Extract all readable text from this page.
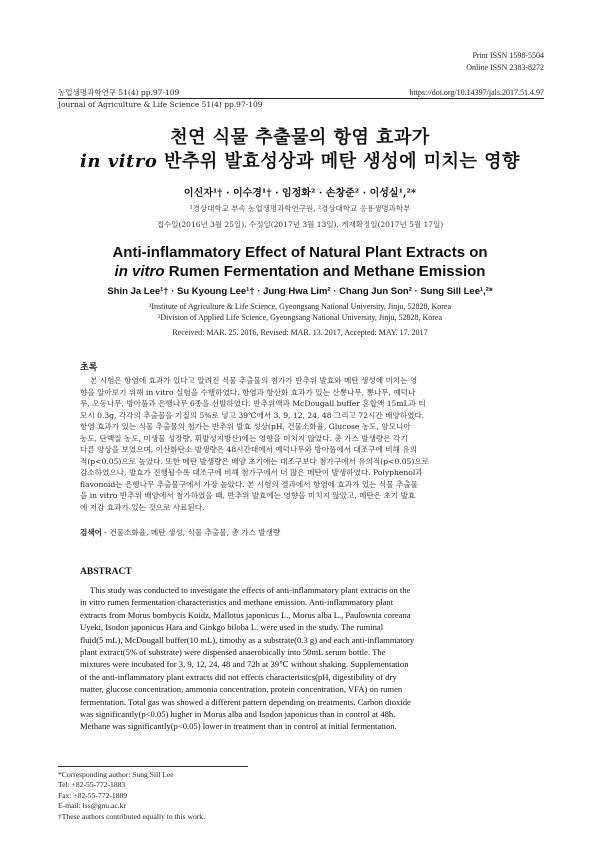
Print ISSN 1598-5504
Online ISSN 2383-8272
농업생명과학연구 51(4) pp.97-109	https://doi.org/10.14397/jals.2017.51.4.97
Journal of Agriculture & Life Science 51(4) pp.97-109
천연 식물 추출물의 항염 효과가
in vitro 반추위 발효성상과 메탄 생성에 미치는 영향
이신자¹† · 이수경¹† · 임정화² · 손창준² · 이성실¹,²*
¹경상대학교 부속 농업생명과학연구원, ²경상대학교 응용생명과학부
접수일(2016년 3월 25일), 수정일(2017년 3월 13일), 게재확정일(2017년 5월 17일)
Anti-inflammatory Effect of Natural Plant Extracts on
in vitro Rumen Fermentation and Methane Emission
Shin Ja Lee¹† · Su Kyoung Lee¹† · Jung Hwa Lim² · Chang Jun Son² · Sung Sill Lee¹,²*
¹Institute of Agriculture & Life Science, Gyeongsang National University, Jinju, 52828, Korea
²Division of Applied Life Science, Gyeongsang National University, Jinju, 52828, Korea
Received: MAR. 25. 2016, Revised: MAR. 13. 2017, Accepted: MAY. 17. 2017
초록
본 시험은 항염에 효과가 있다고 알려진 식물 추출물의 첨가가 반추위 발효와 메탄 생성에 미치는 영
향을 알아보기 위해 in vitro 실험을 수행하였다. 항염과 항산화 효과가 있는 산뽕나무, 뽕나무, 예덕나
무, 오동나무, 방아풀과 은행나무 6종을 선발하였다. 반추위액과 McDougall buffer 혼합액 15mL과 티
모시 0.3g, 각각의 추출물을 기질의 5%로 넣고 39℃에서 3, 9, 12, 24, 48 그리고 72시간 배양하였다.
항염 효과가 있는 식물 추출물의 첨가는 반추위 발효 성상(pH, 건물소화율, Glucose 농도, 암모니아
농도, 단백질 농도, 미생물 성장량, 휘발성지방산)에는 영향을 미치지 않았다. 총 가스 발생량은 각기
다른 양상을 보였으며, 이산화탄소 발생량은 48시간대에서 예덕나무와 방아풀에서 대조구에 비해 유의
적(p<0.05)으로 높았다. 또한 메탄 발생량은 배양 초기에는 대조구보다 첨가구에서 유의적(p<0.05)으로
감소하였으나, 발효가 진행될수록 대조구에 비해 첨가구에서 더 많은 메탄이 발생하였다. Polyphenol과
flavonoid는 은행나무 추출물구에서 가장 높았다. 본 시험의 결과에서 항염에 효과가 있는 식물 추출물
을 in vitro 반추위 배양에서 첨가하였을 때, 반추위 발효에는 영향을 미치지 않았고, 메탄은 초기 발효
에 저감 효과가 있는 것으로 사료된다.
검색어 - 건물소화율, 메탄 생성, 식물 추출물, 총 가스 발생량
ABSTRACT
This study was conducted to investigate the effects of anti-inflammatory plant extracts on the
in vitro rumen fermentation characteristics and methane emission. Anti-inflammatory plant
extracts from Morus bombycis Koidz, Mallotus japonicus L., Morus alba L., Paulownia coreana
Uyeki, Isodon japonicus Hara and Ginkgo biloba L. were used in the study. The ruminal
fluid(5 mL), McDougall buffer(10 mL), timothy as a substrate(0.3 g) and each anti-inflammatory
plant extract(5% of substrate) were dispensed anaerobically into 50mL serum bottle. The
mixtures were incubated for 3, 9, 12, 24, 48 and 72h at 39℃ without shaking. Supplementation
of the anti-inflammatory plant extracts did not effects characteristics(pH, digestibility of dry
matter, glucose concentration, ammonia concentration, protein concentration, VFA) on rumen
fermentation. Total gas was showed a different pattern depending on treatments. Carbon dioxide
was significantly(p<0.05) higher in Morus alba and Isodon japonicus than in control at 48h.
Methane was significantly(p<0.05) lower in treatment than in control at initial fermentation.
*Corresponding author: Sung Sill Lee
Tel: +82-55-772-1883
Fax: +82-55-772-1889
E-mail: lss@gnu.ac.kr
†These authors contributed equally to this work.
